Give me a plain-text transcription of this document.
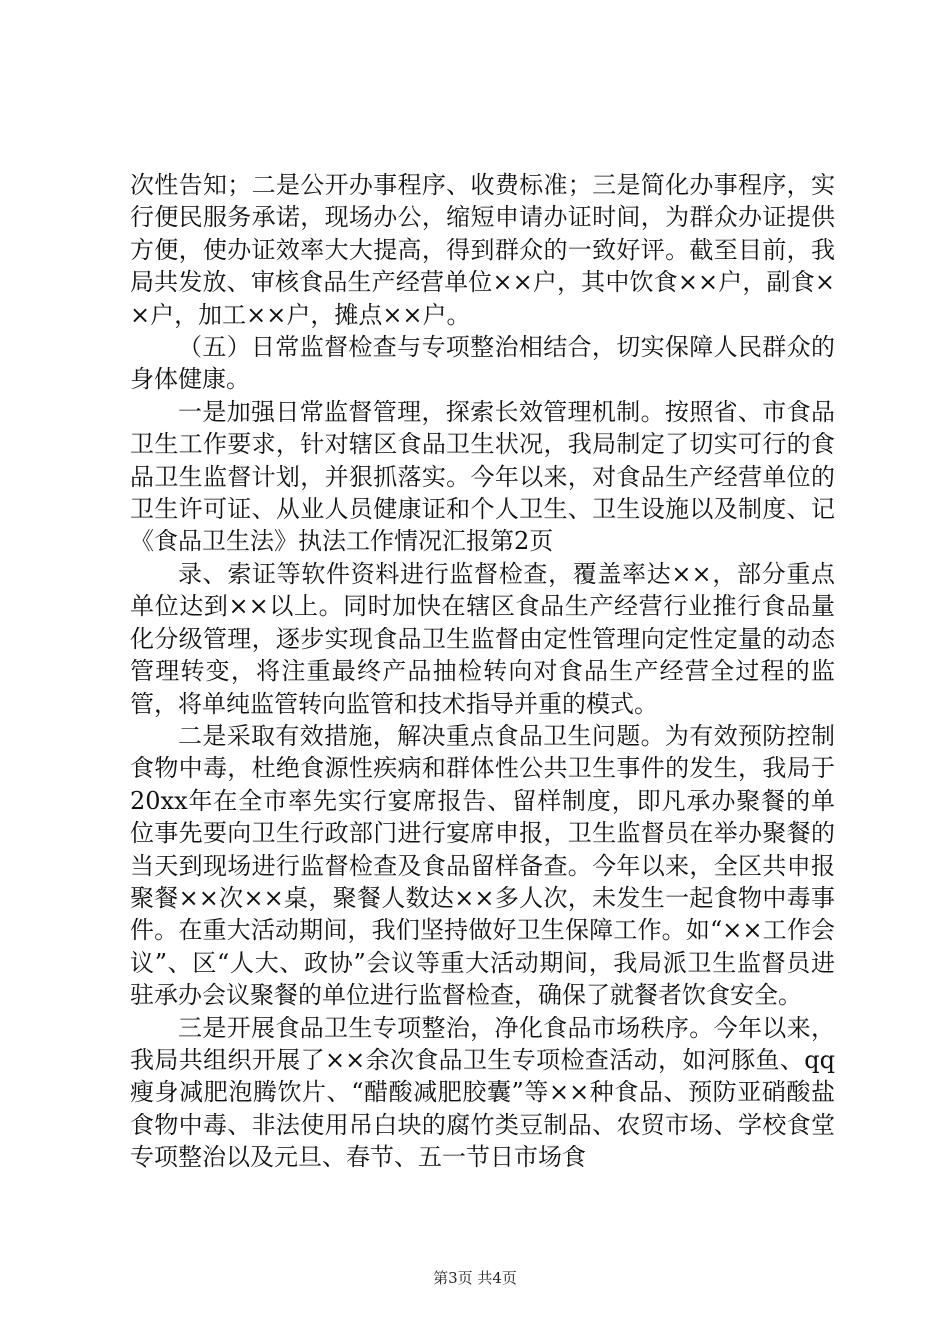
次性告知；二是公开办事程序、收费标准；三是简化办事程序，实行便民服务承诺，现场办公，缩短申请办证时间，为群众办证提供方便，使办证效率大大提高，得到群众的一致好评。截至目前，我局共发放、审核食品生产经营单位××户，其中饮食××户，副食××户，加工××户，摊点××户。

（五）日常监督检查与专项整治相结合，切实保障人民群众的身体健康。

一是加强日常监督管理，探索长效管理机制。按照省、市食品卫生工作要求，针对辖区食品卫生状况，我局制定了切实可行的食品卫生监督计划，并狠抓落实。今年以来，对食品生产经营单位的卫生许可证、从业人员健康证和个人卫生、卫生设施以及制度、记《食品卫生法》执法工作情况汇报第2页

录、索证等软件资料进行监督检查，覆盖率达××，部分重点单位达到××以上。同时加快在辖区食品生产经营行业推行食品量化分级管理，逐步实现食品卫生监督由定性管理向定性定量的动态管理转变，将注重最终产品抽检转向对食品生产经营全过程的监管，将单纯监管转向监管和技术指导并重的模式。

二是采取有效措施，解决重点食品卫生问题。为有效预防控制食物中毒，杜绝食源性疾病和群体性公共卫生事件的发生，我局于20xx年在全市率先实行宴席报告、留样制度，即凡承办聚餐的单位事先要向卫生行政部门进行宴席申报，卫生监督员在举办聚餐的当天到现场进行监督检查及食品留样备查。今年以来，全区共申报聚餐××次××桌，聚餐人数达××多人次，未发生一起食物中毒事件。在重大活动期间，我们坚持做好卫生保障工作。如“××工作会议”、区“人大、政协”会议等重大活动期间，我局派卫生监督员进驻承办会议聚餐的单位进行监督检查，确保了就餐者饮食安全。

三是开展食品卫生专项整治，净化食品市场秩序。今年以来，我局共组织开展了××余次食品卫生专项检查活动，如河豚鱼、qq瘦身减肥泡腾饮片、“醋酸减肥胶囊”等××种食品、预防亚硝酸盐食物中毒、非法使用吊白块的腐竹类豆制品、农贸市场、学校食堂专项整治以及元旦、春节、五一节日市场食

第3页 共4页
